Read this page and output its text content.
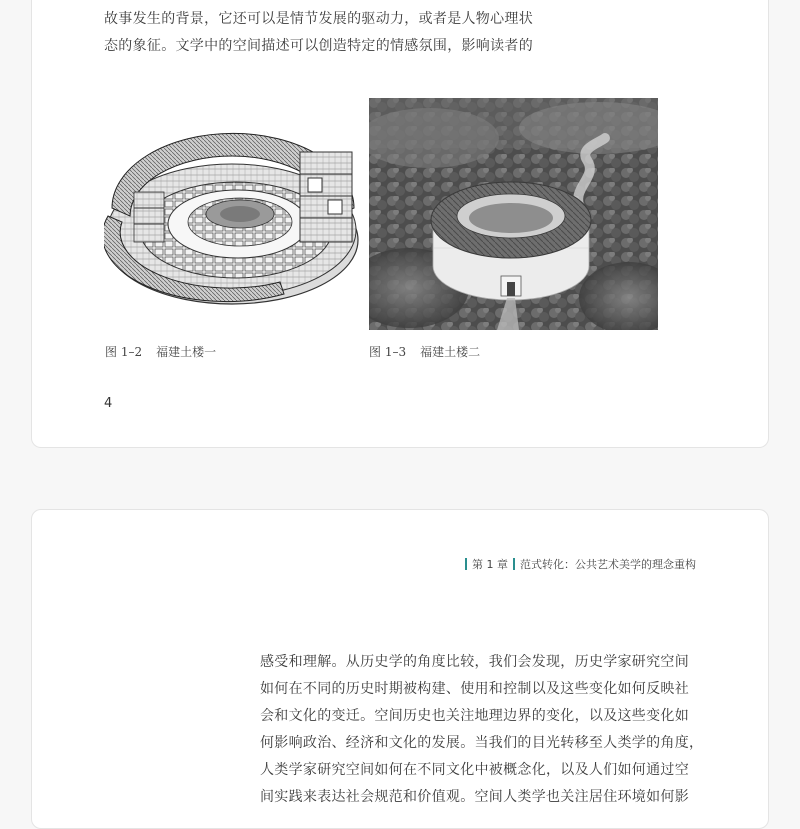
故事发生的背景，它还可以是情节发展的驱动力，或者是人物心理状
态的象征。文学中的空间描述可以创造特定的情感氛围，影响读者的
图 1–2 福建土楼一	图 1–3 福建土楼二
4
第 1 章 范式转化：公共艺术美学的理念重构
感受和理解。从历史学的角度比较，我们会发现，历史学家研究空间
如何在不同的历史时期被构建、使用和控制以及这些变化如何反映社
会和文化的变迁。空间历史也关注地理边界的变化，以及这些变化如
何影响政治、经济和文化的发展。当我们的目光转移至人类学的角度，
人类学家研究空间如何在不同文化中被概念化，以及人们如何通过空
间实践来表达社会规范和价值观。空间人类学也关注居住环境如何影
